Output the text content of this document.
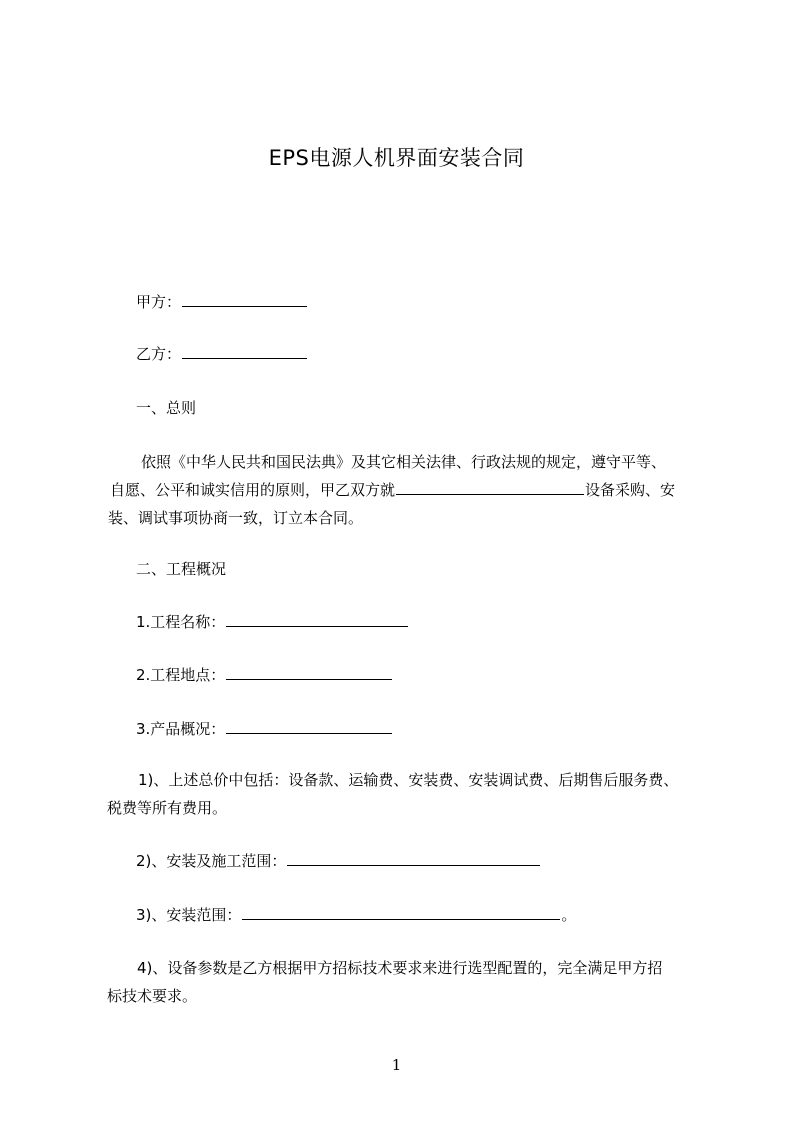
EPS电源人机界面安装合同
甲方：
乙方：
一、总则
依照《中华人民共和国民法典》及其它相关法律、行政法规的规定，遵守平等、
自愿、公平和诚实信用的原则，甲乙双方就	设备采购、安
装、调试事项协商一致，订立本合同。
二、工程概况
1.工程名称：
2.工程地点：
3.产品概况：
1)、上述总价中包括：设备款、运输费、安装费、安装调试费、后期售后服务费、
税费等所有费用。
2)、安装及施工范围：
3)、安装范围：	。
4)、设备参数是乙方根据甲方招标技术要求来进行选型配置的，完全满足甲方招
标技术要求。
1
